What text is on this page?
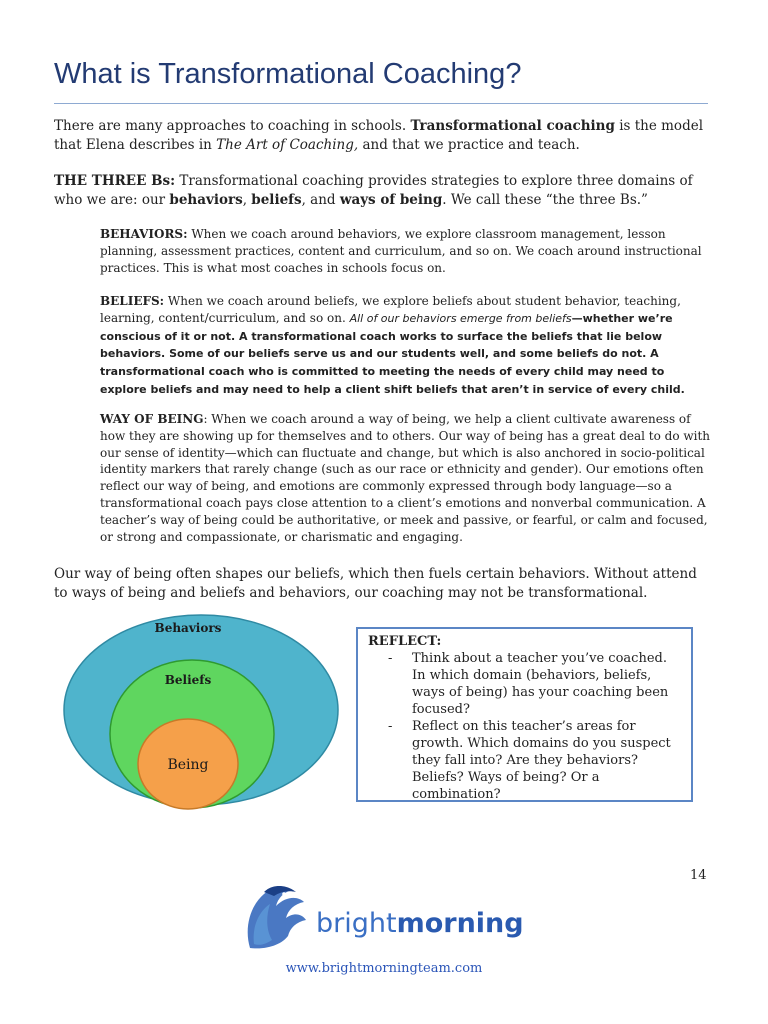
What is Transformational Coaching?

There are many approaches to coaching in schools. Transformational coaching is the model that Elena describes in The Art of Coaching, and that we practice and teach.

THE THREE Bs: Transformational coaching provides strategies to explore three domains of who we are: our behaviors, beliefs, and ways of being. We call these “the three Bs.”

BEHAVIORS: When we coach around behaviors, we explore classroom management, lesson planning, assessment practices, content and curriculum, and so on. We coach around instructional practices. This is what most coaches in schools focus on.

BELIEFS: When we coach around beliefs, we explore beliefs about student behavior, teaching, learning, content/curriculum, and so on. All of our behaviors emerge from beliefs—whether we’re conscious of it or not. A transformational coach works to surface the beliefs that lie below behaviors. Some of our beliefs serve us and our students well, and some beliefs do not. A transformational coach who is committed to meeting the needs of every child may need to explore beliefs and may need to help a client shift beliefs that aren’t in service of every child.

WAY OF BEING: When we coach around a way of being, we help a client cultivate awareness of how they are showing up for themselves and to others. Our way of being has a great deal to do with our sense of identity—which can fluctuate and change, but which is also anchored in socio-political identity markers that rarely change (such as our race or ethnicity and gender). Our emotions often reflect our way of being, and emotions are commonly expressed through body language—so a transformational coach pays close attention to a client’s emotions and nonverbal communication. A teacher’s way of being could be authoritative, or meek and passive, or fearful, or calm and focused, or strong and compassionate, or charismatic and engaging.

Our way of being often shapes our beliefs, which then fuels certain behaviors. Without attend to ways of being and beliefs and behaviors, our coaching may not be transformational.

Behaviors
Beliefs
Being
REFLECT:
- Think about a teacher you’ve coached. In which domain (behaviors, beliefs, ways of being) has your coaching been focused?
- Reflect on this teacher’s areas for growth. Which domains do you suspect they fall into? Are they behaviors? Beliefs? Ways of being? Or a combination?
14
brightmorning
www.brightmorningteam.com
